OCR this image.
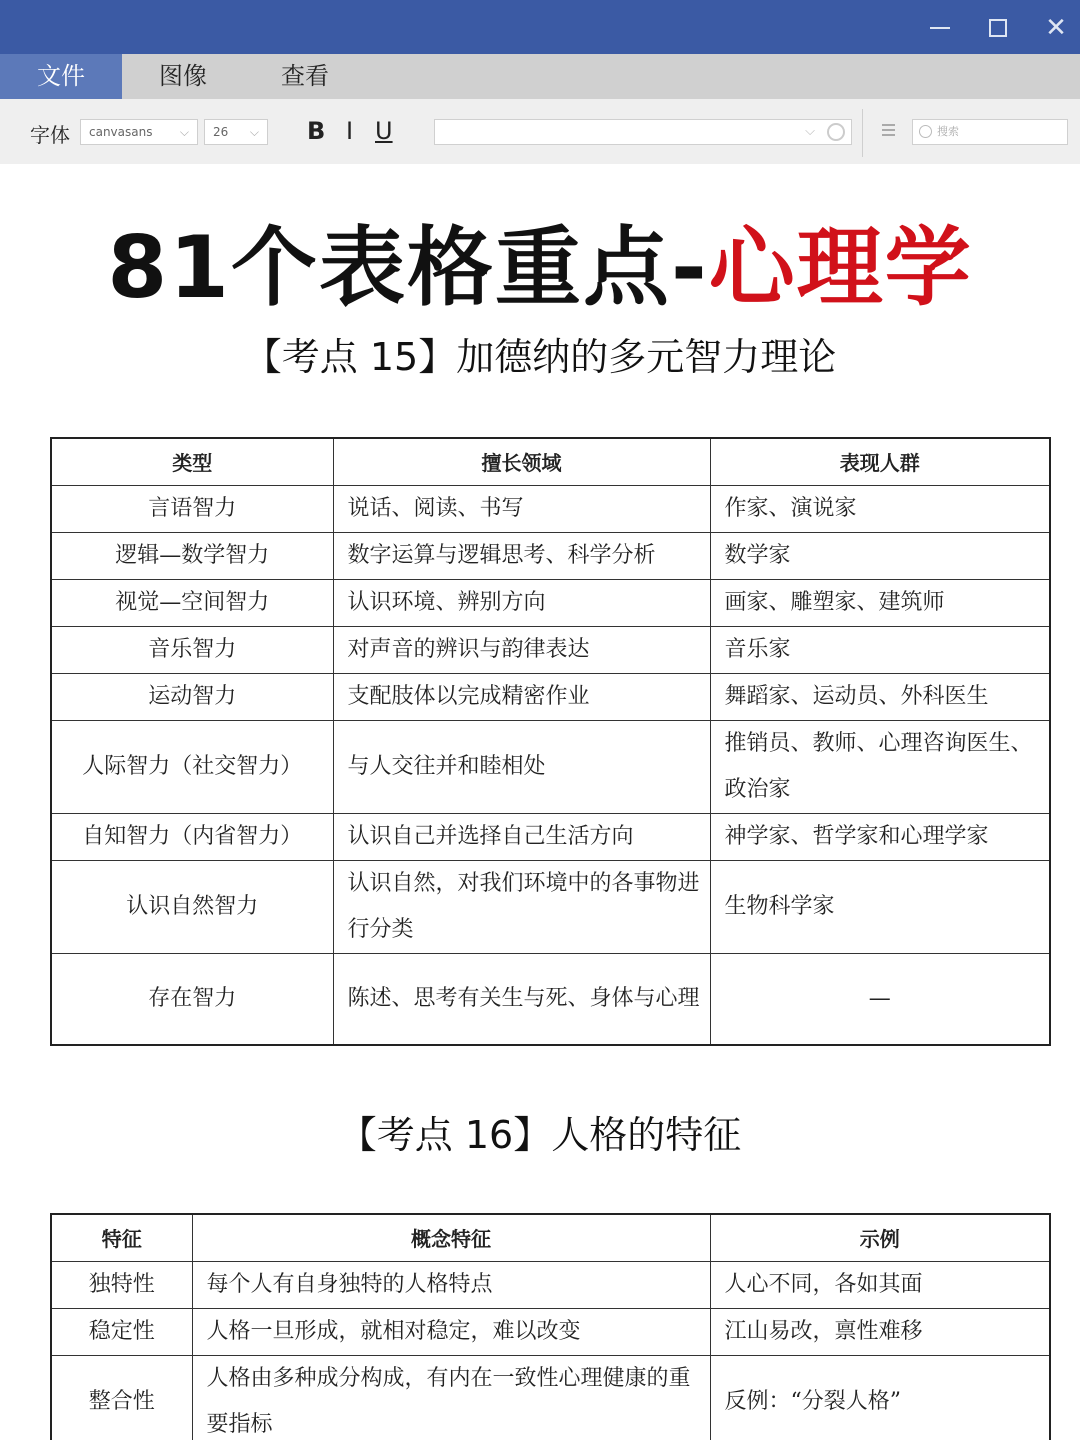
✕
文件	图像	查看
字体	canvasans ⌵	26 ⌵ B I U	⌵	搜索
81个表格重点-心理学
【考点 15】加德纳的多元智力理论
类型	擅长领域	表现人群
言语智力	说话、阅读、书写	作家、演说家
逻辑—数学智力	数字运算与逻辑思考、科学分析	数学家
视觉—空间智力	认识环境、辨别方向	画家、雕塑家、建筑师
音乐智力	对声音的辨识与韵律表达	音乐家
运动智力	支配肢体以完成精密作业	舞蹈家、运动员、外科医生
人际智力（社交智力）	与人交往并和睦相处	推销员、教师、心理咨询医生、政治家
自知智力（内省智力）	认识自己并选择自己生活方向	神学家、哲学家和心理学家
认识自然智力	认识自然，对我们环境中的各事物进行分类	生物科学家
存在智力	陈述、思考有关生与死、身体与心理	—
【考点 16】人格的特征
特征	概念特征	示例
独特性	每个人有自身独特的人格特点	人心不同，各如其面
稳定性	人格一旦形成，就相对稳定，难以改变	江山易改，禀性难移
整合性	人格由多种成分构成，有内在一致性心理健康的重要指标	反例：“分裂人格”
